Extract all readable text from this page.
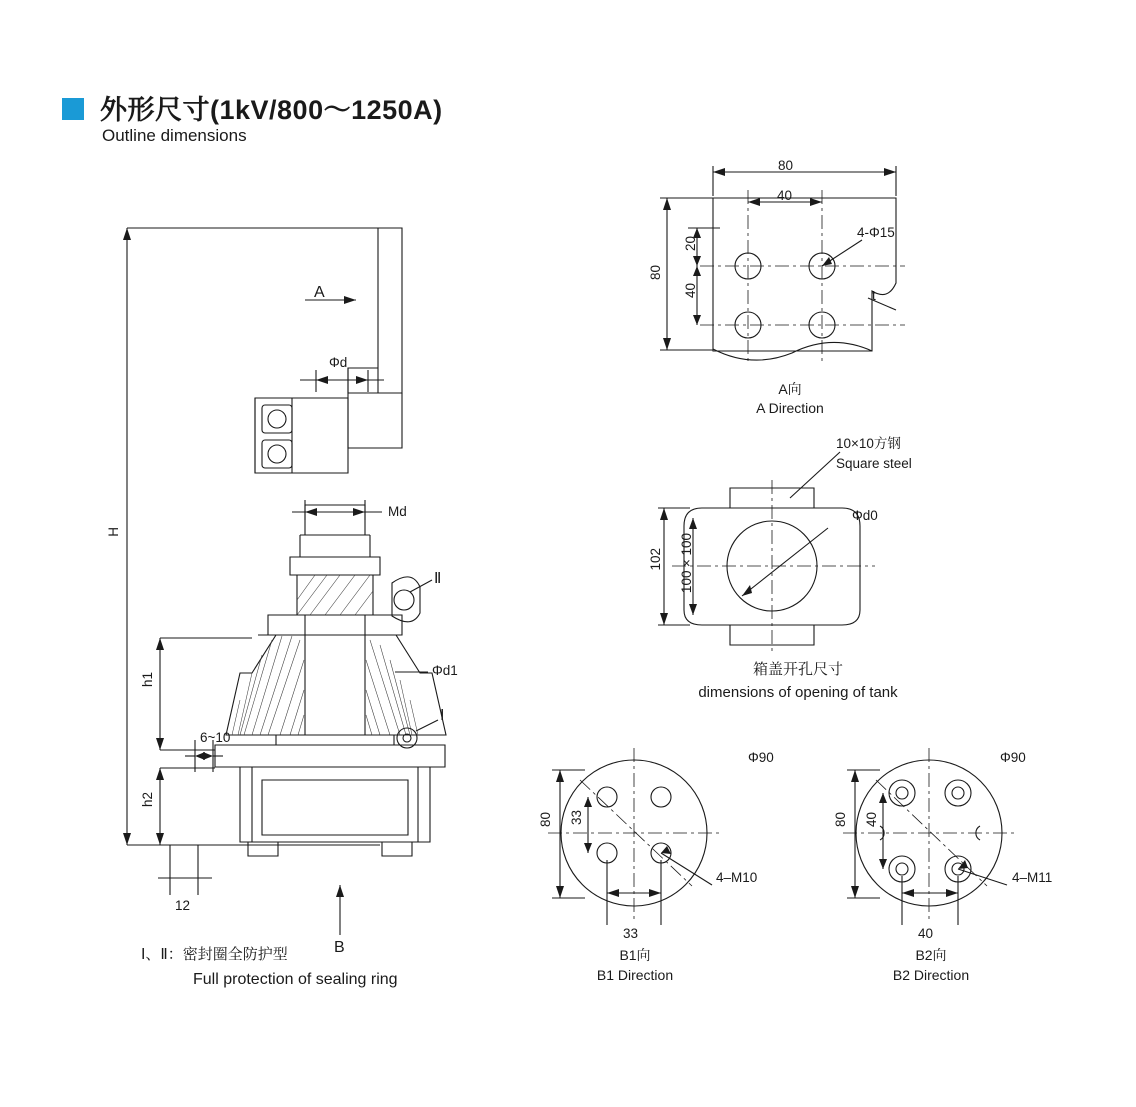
外形尺寸(1kV/800～1250A)
Outline dimensions
H
h1
h2
12
6~10
A
B
Φd
Md
Φd1
Ⅱ
Ⅰ
Ⅰ、Ⅱ：密封圈全防护型
Full protection of sealing ring
80
40
80
20
40
4-Φ15
t
A向
A Direction
10×10方钢
Square steel
Φd0
102 100×100
箱盖开孔尺寸
dimensions of opening of tank
Φ90
80 33
33
4–M10
B1向
B1 Direction
Φ90
80 40
40
4–M11
B2向
B2 Direction
